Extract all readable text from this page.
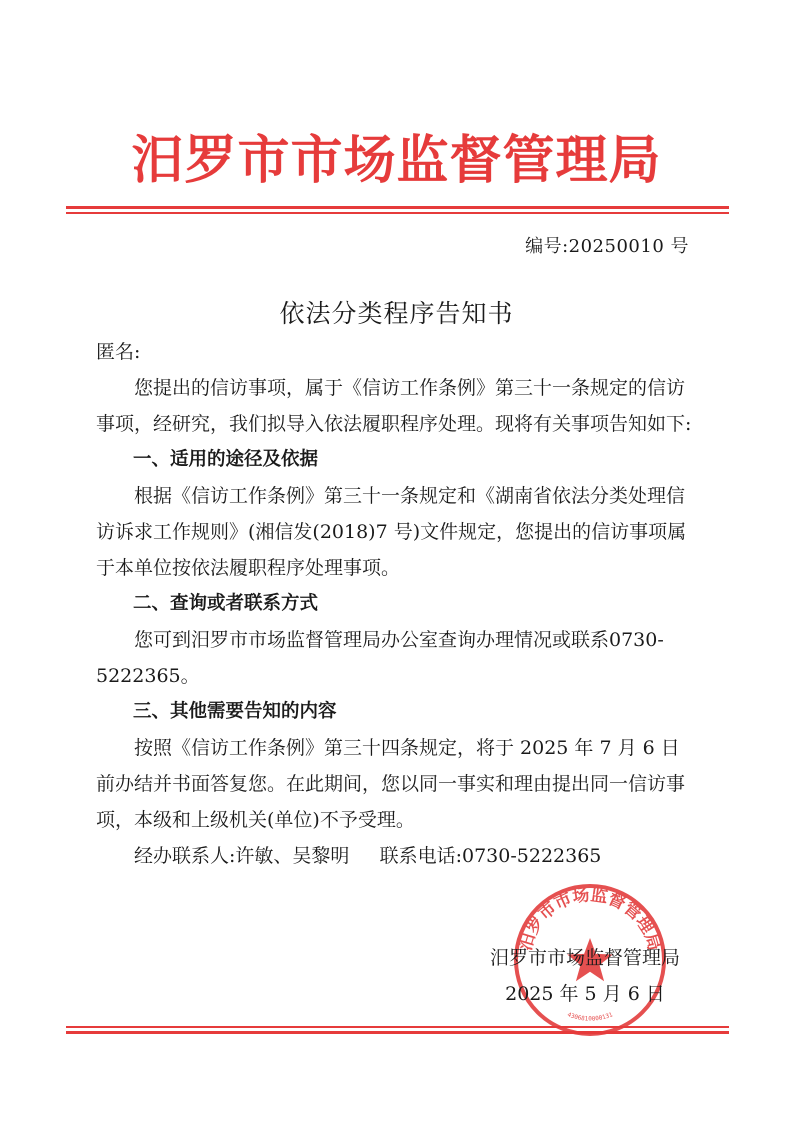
汨罗市市场监督管理局
编号:20250010 号
依法分类程序告知书

匿名:

您提出的信访事项，属于《信访工作条例》第三十一条规定的信访事项，经研究，我们拟导入依法履职程序处理。现将有关事项告知如下:

一、适用的途径及依据

根据《信访工作条例》第三十一条规定和《湖南省依法分类处理信访诉求工作规则》(湘信发(2018)7 号)文件规定，您提出的信访事项属于本单位按依法履职程序处理事项。

二、查询或者联系方式

您可到汨罗市市场监督管理局办公室查询办理情况或联系0730-5222365。

三、其他需要告知的内容

按照《信访工作条例》第三十四条规定，将于 2025 年 7 月 6 日前办结并书面答复您。在此期间，您以同一事实和理由提出同一信访事项，本级和上级机关(单位)不予受理。

经办联系人:许敏、吴黎明     联系电话:0730-5222365

汨罗市市场监督管理局
4306810000131
汨罗市市场监督管理局
2025 年 5 月 6 日
